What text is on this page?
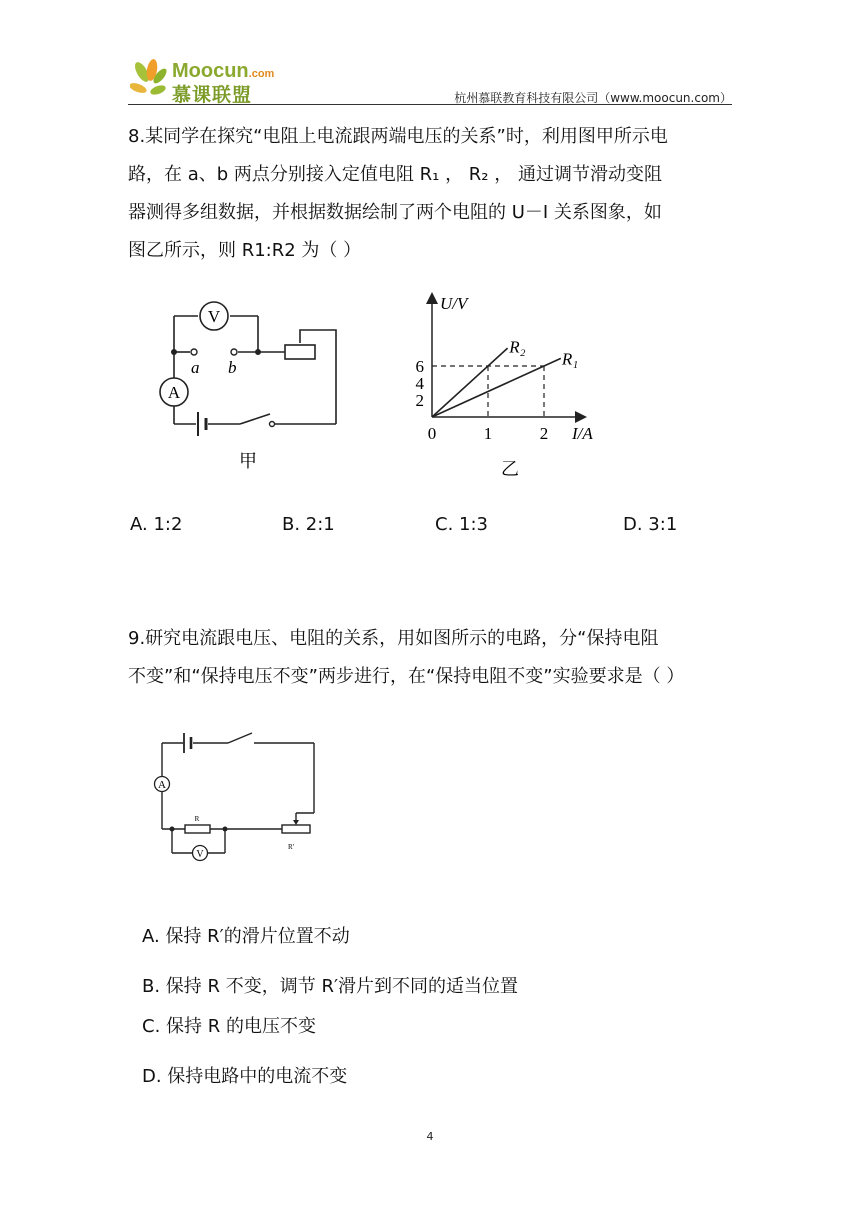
Moocun.com
慕课联盟	杭州慕联教育科技有限公司（www.moocun.com）

8.某同学在探究“电阻上电流跟两端电压的关系”时，利用图甲所示电

路，在 a、b 两点分别接入定值电阻 R₁ ， R₂ ， 通过调节滑动变阻

器测得多组数据，并根据数据绘制了两个电阻的 U－I 关系图象，如

图乙所示，则 R1:R2 为（ ）

V
A
a b
甲
1	2
2
4
6
R₂
R₁
U/V
I/A
0
乙
A. 1:2	B. 2:1	C. 1:3	D. 3:1

9.研究电流跟电压、电阻的关系，用如图所示的电路，分“保持电阻

不变”和“保持电压不变”两步进行，在“保持电阻不变”实验要求是（ ）

A
V
R
R′
A. 保持 R′的滑片位置不动
B. 保持 R 不变，调节 R′滑片到不同的适当位置
C. 保持 R 的电压不变
D. 保持电路中的电流不变
4
